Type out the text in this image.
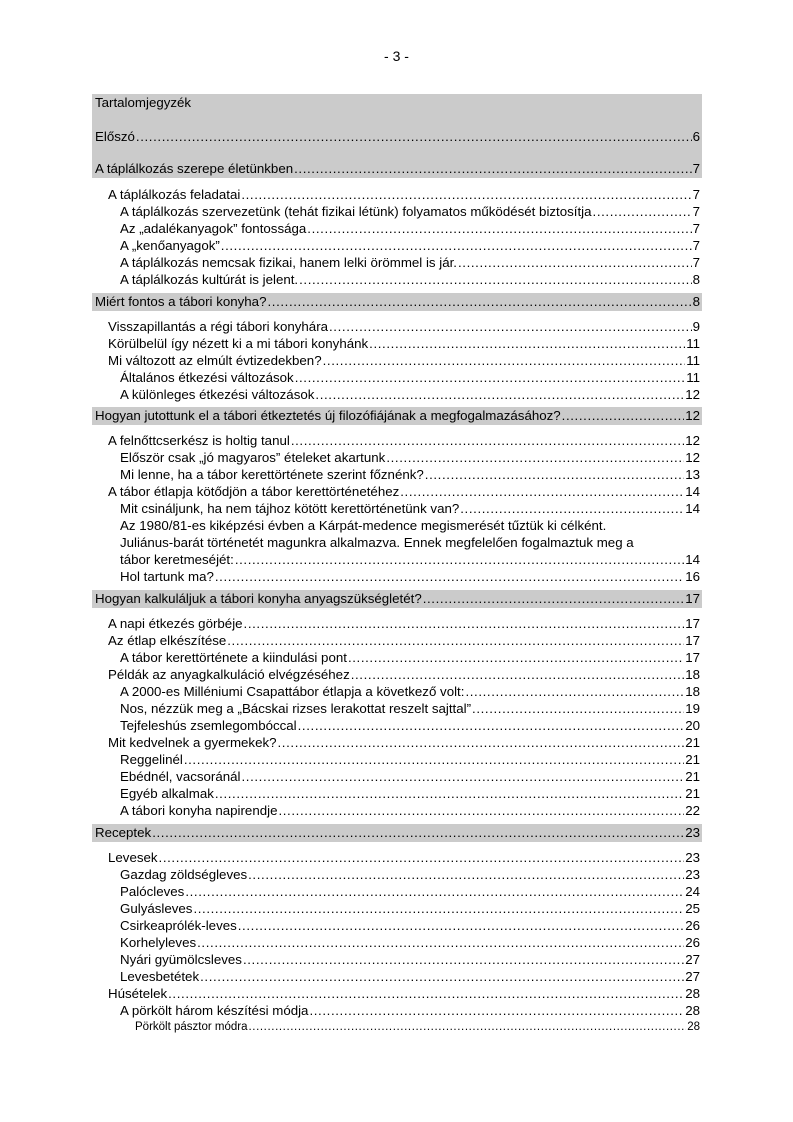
- 3 -
Tartalomjegyzék
Előszó .....	6
A táplálkozás szerepe életünkben .....	7
A táplálkozás feladatai .....	7
A táplálkozás szervezetünk (tehát fizikai létünk) folyamatos működését biztosítja .....	7
Az „adalékanyagok” fontossága .....	7
A „kenőanyagok” .....	7
A táplálkozás nemcsak fizikai, hanem lelki örömmel is jár. .....	7
A táplálkozás kultúrát is jelent. .....	8
Miért fontos a tábori konyha? .....	8
Visszapillantás a régi tábori konyhára .....	9
Körülbelül így nézett ki a mi tábori konyhánk .....	11
Mi változott az elmúlt évtizedekben? .....	11
Általános étkezési változások .....	11
A különleges étkezési változások .....	12
Hogyan jutottunk el a tábori étkeztetés új filozófiájának a megfogalmazásához? .....	12
A felnőttcserkész is holtig tanul .....	12
Először csak „jó magyaros” ételeket akartunk .....	12
Mi lenne, ha a tábor kerettörténete szerint főznénk? .....	13
A tábor étlapja kötődjön a tábor kerettörténetéhez .....	14
Mit csináljunk, ha nem tájhoz kötött kerettörténetünk van? .....	14
Az 1980/81-es kiképzési évben a Kárpát-medence megismerését tűztük ki célként.
Juliánus-barát történetét magunkra alkalmazva. Ennek megfelelően fogalmaztuk meg a
tábor keretmeséjét: .....	14
Hol tartunk ma? .....	16
Hogyan kalkuláljuk a tábori konyha anyagszükségletét? .....	17
A napi étkezés görbéje .....	17
Az étlap elkészítése .....	17
A tábor kerettörténete a kiindulási pont .....	17
Példák az anyagkalkuláció elvégzéséhez .....	18
A 2000-es Milléniumi Csapattábor étlapja a következő volt: .....	18
Nos, nézzük meg a „Bácskai rizses lerakottat reszelt sajttal” .....	19
Tejfeleshús zsemlegombóccal .....	20
Mit kedvelnek a gyermekek? .....	21
Reggelinél .....	21
Ebédnél, vacsoránál .....	21
Egyéb alkalmak .....	21
A tábori konyha napirendje .....	22
Receptek .....	23
Levesek .....	23
Gazdag zöldségleves .....	23
Palócleves .....	24
Gulyásleves .....	25
Csirkeaprólék-leves .....	26
Korhelyleves .....	26
Nyári gyümölcsleves .....	27
Levesbetétek .....	27
Húsételek .....	28
A pörkölt három készítési módja .....	28
Pörkölt pásztor módra .....	28
